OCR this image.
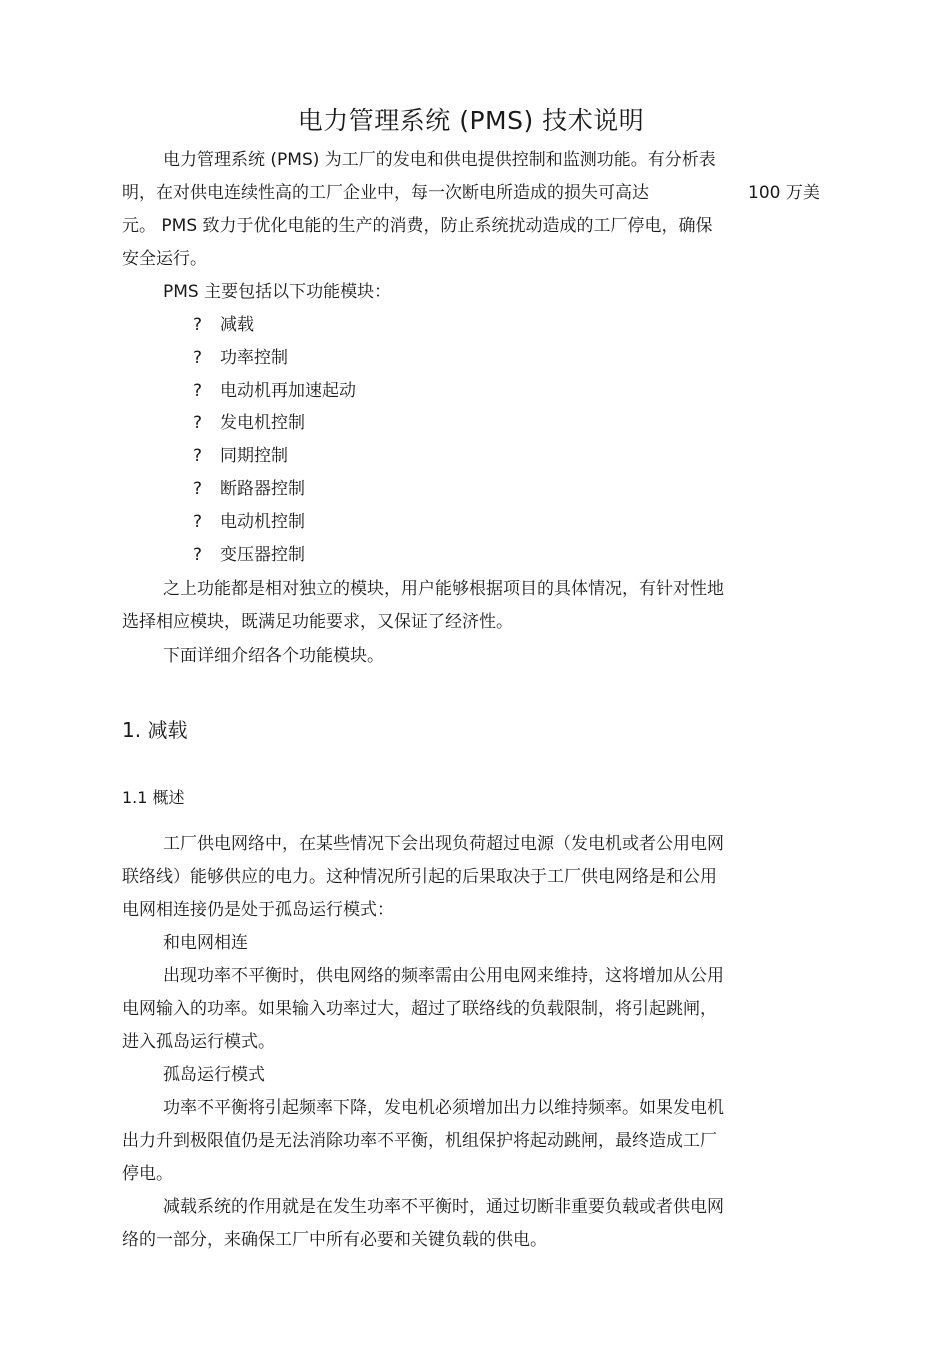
电力管理系统 (PMS) 技术说明
电力管理系统 (PMS) 为工厂的发电和供电提供控制和监测功能。有分析表
明，在对供电连续性高的工厂企业中，每一次断电所造成的损失可高达	100 万美
元。 PMS 致力于优化电能的生产的消费，防止系统扰动造成的工厂停电，确保
安全运行。
PMS 主要包括以下功能模块：
? 减载
? 功率控制
? 电动机再加速起动
? 发电机控制
? 同期控制
? 断路器控制
? 电动机控制
? 变压器控制
之上功能都是相对独立的模块，用户能够根据项目的具体情况，有针对性地
选择相应模块，既满足功能要求，又保证了经济性。
下面详细介绍各个功能模块。
1. 减载
1.1 概述
工厂供电网络中，在某些情况下会出现负荷超过电源（发电机或者公用电网
联络线）能够供应的电力。这种情况所引起的后果取决于工厂供电网络是和公用
电网相连接仍是处于孤岛运行模式：
和电网相连
出现功率不平衡时，供电网络的频率需由公用电网来维持，这将增加从公用
电网输入的功率。如果输入功率过大，超过了联络线的负载限制，将引起跳闸，
进入孤岛运行模式。
孤岛运行模式
功率不平衡将引起频率下降，发电机必须增加出力以维持频率。如果发电机
出力升到极限值仍是无法消除功率不平衡，机组保护将起动跳闸，最终造成工厂
停电。
减载系统的作用就是在发生功率不平衡时，通过切断非重要负载或者供电网
络的一部分，来确保工厂中所有必要和关键负载的供电。
